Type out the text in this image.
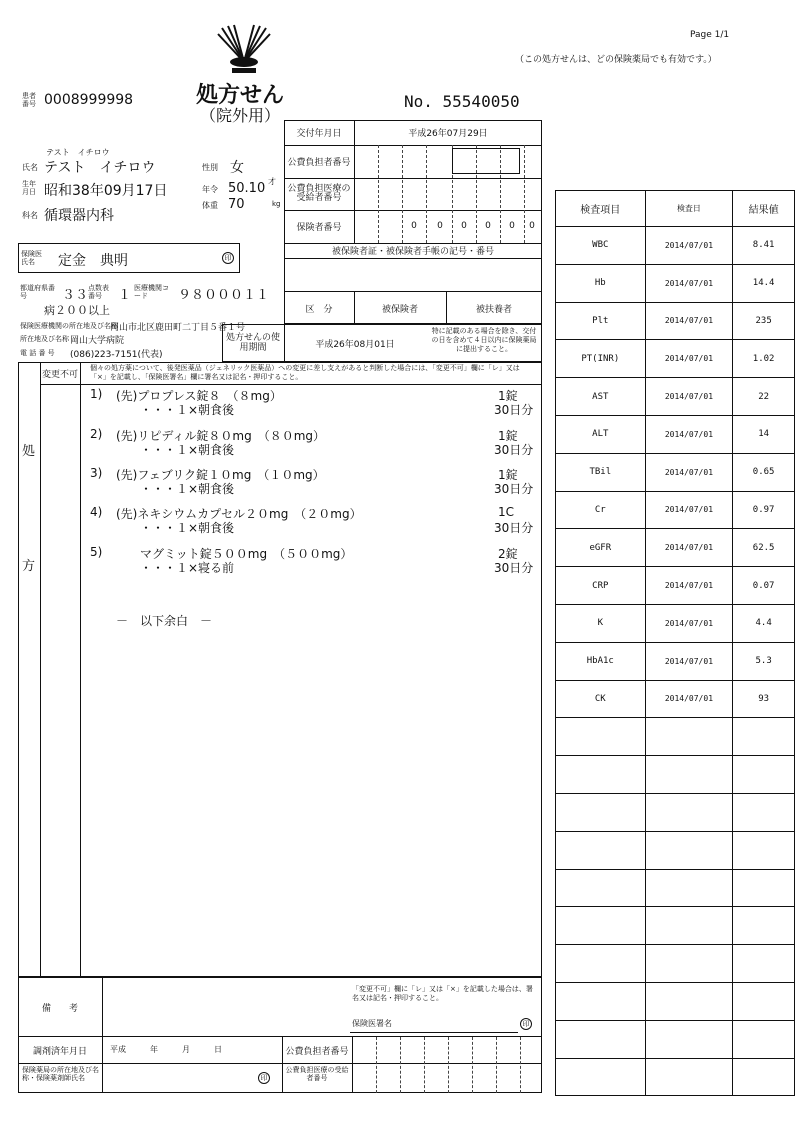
Page 1/1
（この処方せんは、どの保険薬局でも有効です。）
処方せん
（院外用）
No. 55540050
患者番号 0008999998
テスト　イチロウ
氏名 テスト　イチロウ	性別 女
生年月日 昭和38年09月17日	年令 50.10 才
体重 70	kg
科名 循環器内科
保険医氏名	定金　典明	印
都道府県番号	３３ 点数表番号	１ 医療機関コード	９８０００１１
病２００以上
保険医療機関の所在地及び名称
岡山市北区鹿田町二丁目５番１号
所在地及び名称 岡山大学病院
電 話 番 号 (086)223-7151(代表)
交付年月日	平成26年07月29日
公費負担者番号
公費負担医療の受給者番号
保険者番号	0	0	0	0	0	0
被保険者証・被保険者手帳の記号・番号
区　分	被保険者	被扶養者
処方せんの使用期間	平成26年08月01日
特に記載のある場合を除き、交付の日を含めて４日以内に保険薬局に提出すること。
変更不可
個々の処方薬について、後発医薬品（ジェネリック医薬品）への変更に差し支えがあると判断した場合には、「変更不可」欄に「レ」又は「×」を記載し、「保険医署名」欄に署名又は記名・押印すること。
処
方
1) (先)プロプレス錠８　（８mg）
・・・１×朝食後
1錠
30日分
2) (先)リピディル錠８０mg　（８０mg）
・・・１×朝食後
1錠
30日分
3) (先)フェブリク錠１０mg　（１０mg）
・・・１×朝食後
1錠
30日分
4) (先)ネキシウムカプセル２０mg　（２０mg）
・・・１×朝食後
1C
30日分
5) 　　マグミット錠５００mg　（５００mg）
・・・１×寝る前
2錠
30日分
－　以下余白　－
備　　考
「変更不可」欄に「レ」又は「×」を記載した場合は、署名又は記名・押印すること。
保険医署名	印
調剤済年月日	平成　　　年　　　月　　　日	公費負担者番号
保険薬局の所在地及び名称・保険薬剤師氏名	印
公費負担医療の受給者番号
検査項目	検査日	結果値
WBC	2014/07/01	8.41
Hb	2014/07/01	14.4
Plt	2014/07/01	235
PT(INR)	2014/07/01	1.02
AST	2014/07/01	22
ALT	2014/07/01	14
TBil	2014/07/01	0.65
Cr	2014/07/01	0.97
eGFR	2014/07/01	62.5
CRP	2014/07/01	0.07
K	2014/07/01	4.4
HbA1c	2014/07/01	5.3
CK	2014/07/01	93
